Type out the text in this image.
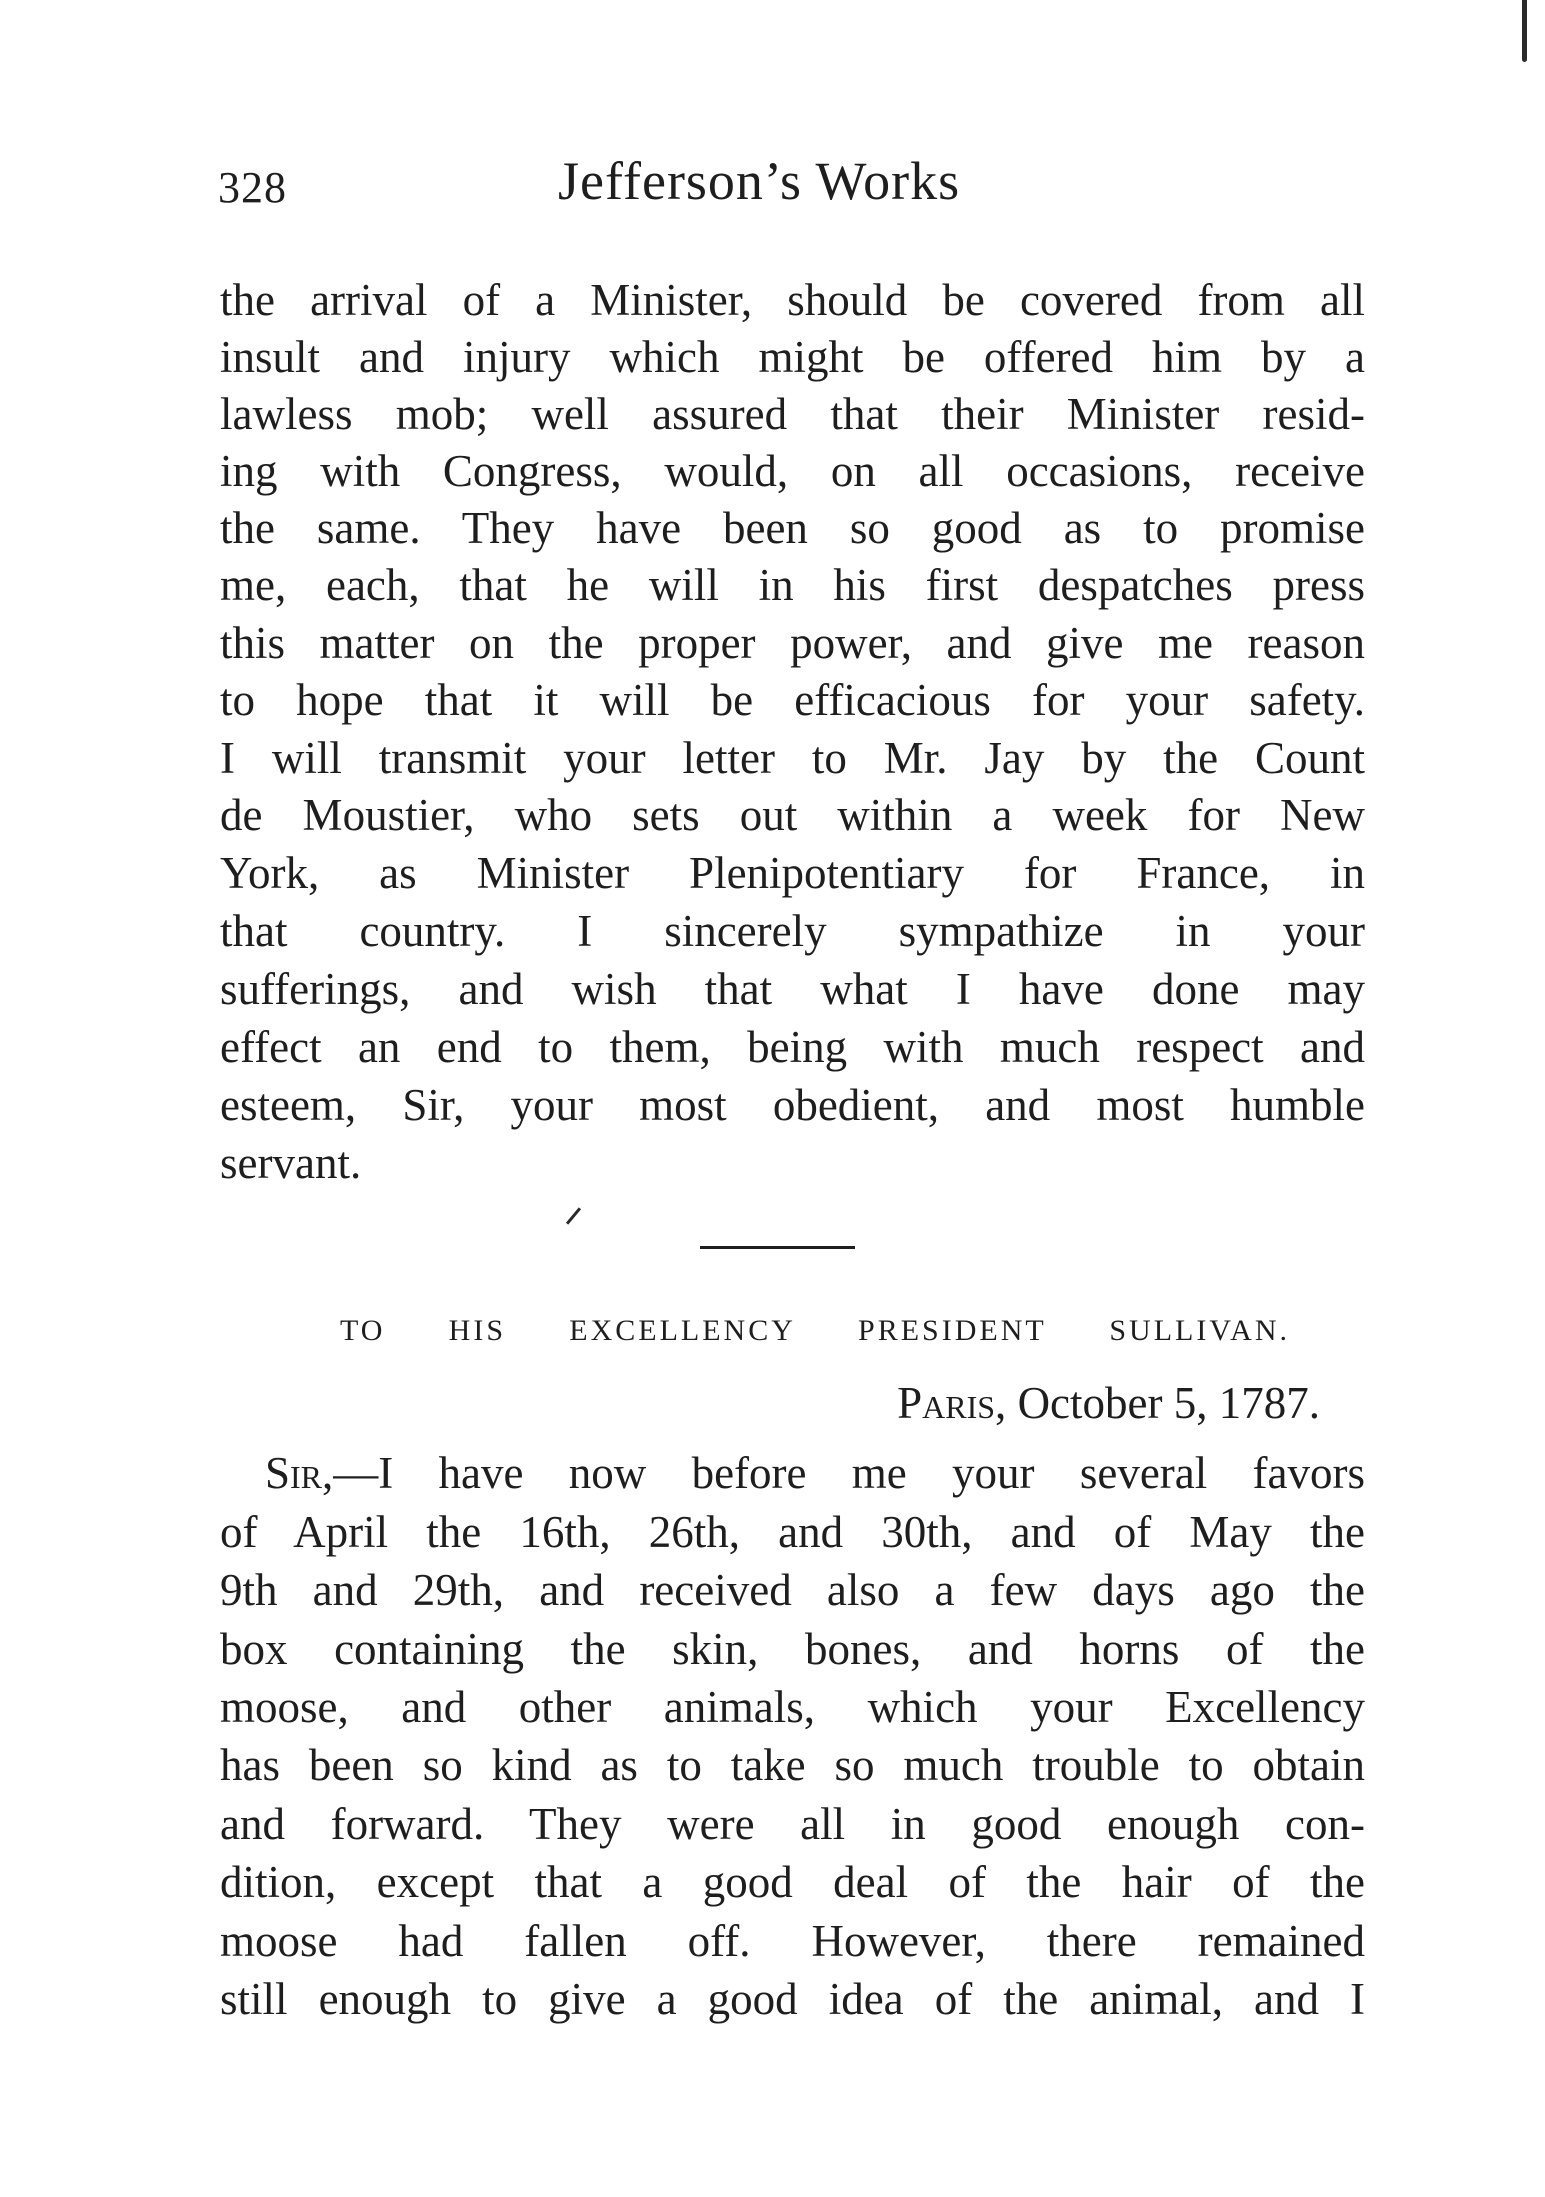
328	Jefferson’s Works
the arrival of a Minister, should be covered from all
insult and injury which might be offered him by a
lawless mob; well assured that their Minister resid-
ing with Congress, would, on all occasions, receive
the same. They have been so good as to promise
me, each, that he will in his first despatches press
this matter on the proper power, and give me reason
to hope that it will be efficacious for your safety.
I will transmit your letter to Mr. Jay by the Count
de Moustier, who sets out within a week for New
York, as Minister Plenipotentiary for France, in
that country. I sincerely sympathize in your
sufferings, and wish that what I have done may
effect an end to them, being with much respect and
esteem, Sir, your most obedient, and most humble
servant.
TO HIS EXCELLENCY PRESIDENT SULLIVAN.
Paris, October 5, 1787.
Sir,—I have now before me your several favors
of April the 16th, 26th, and 30th, and of May the
9th and 29th, and received also a few days ago the
box containing the skin, bones, and horns of the
moose, and other animals, which your Excellency
has been so kind as to take so much trouble to obtain
and forward. They were all in good enough con-
dition, except that a good deal of the hair of the
moose had fallen off. However, there remained
still enough to give a good idea of the animal, and I
